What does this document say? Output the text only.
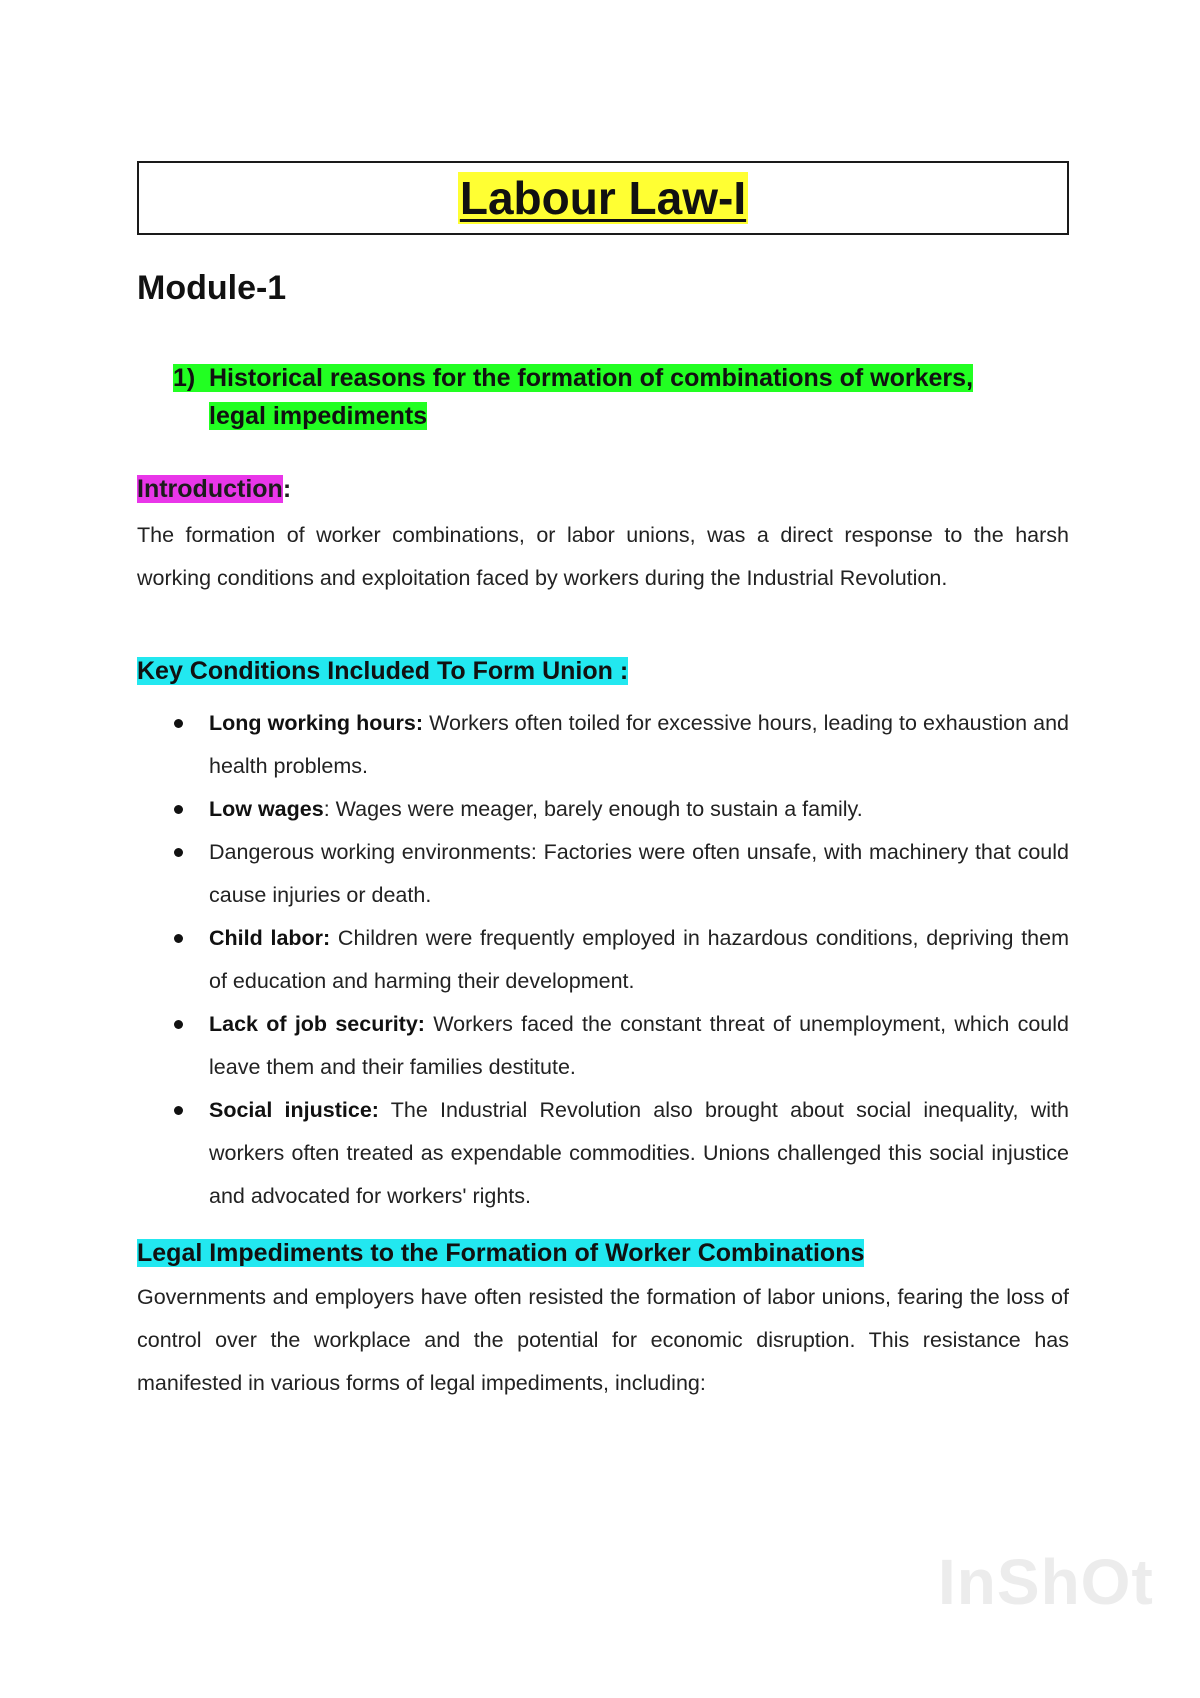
Labour Law-I
Module-1
1) Historical reasons for the formation of combinations of workers,
legal impediments
Introduction:
The formation of worker combinations, or labor unions, was a direct response to the harsh working conditions and exploitation faced by workers during the Industrial Revolution.
Key Conditions Included To Form Union :
Long working hours: Workers often toiled for excessive hours, leading to exhaustion and health problems.
Low wages: Wages were meager, barely enough to sustain a family.
Dangerous working environments: Factories were often unsafe, with machinery that could cause injuries or death.
Child labor: Children were frequently employed in hazardous conditions, depriving them of education and harming their development.
Lack of job security: Workers faced the constant threat of unemployment, which could leave them and their families destitute.
Social injustice: The Industrial Revolution also brought about social inequality, with workers often treated as expendable commodities. Unions challenged this social injustice and advocated for workers' rights.
Legal Impediments to the Formation of Worker Combinations
Governments and employers have often resisted the formation of labor unions, fearing the loss of control over the workplace and the potential for economic disruption. This resistance has manifested in various forms of legal impediments, including:
InShOt
